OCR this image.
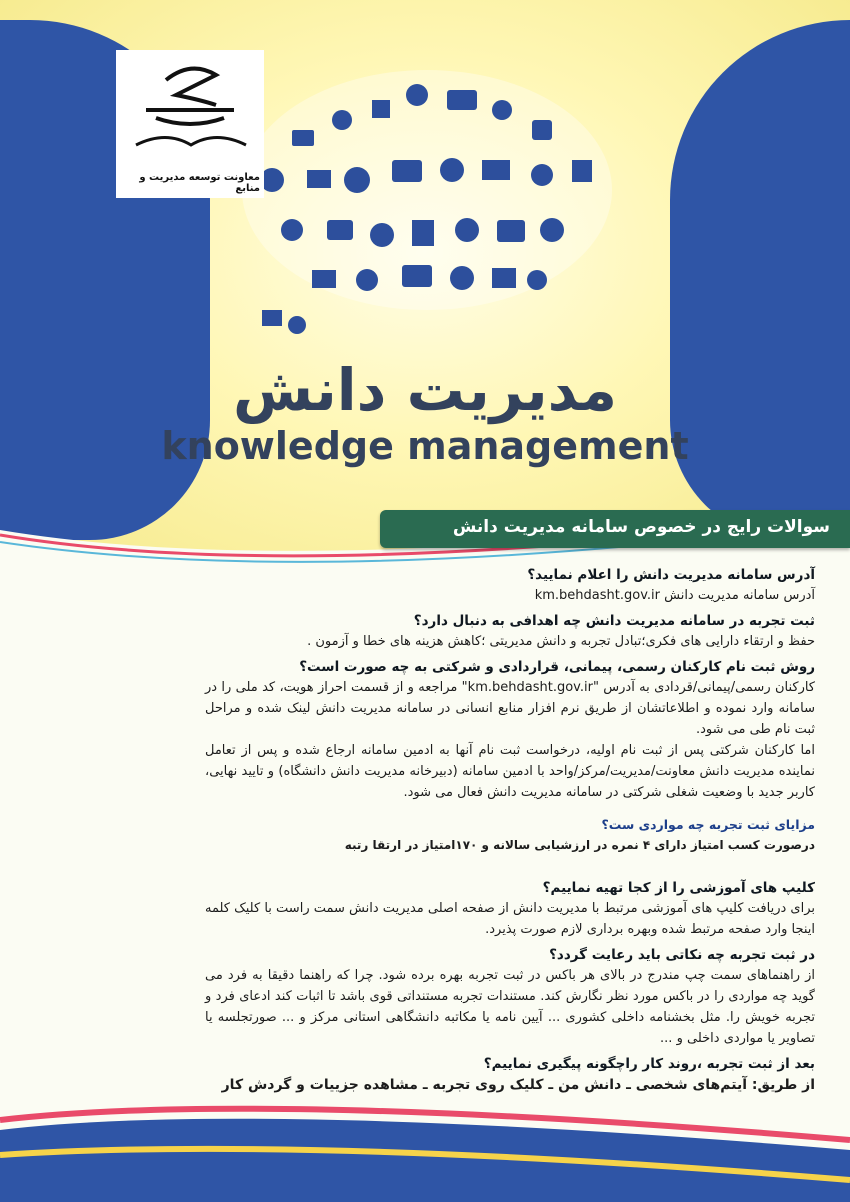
معاونت توسعه مدیریت و منابع
مدیریت دانش
knowledge management
سوالات رایج در خصوص سامانه مدیریت دانش
آدرس سامانه مدیریت دانش را اعلام نمایید؟
آدرس سامانه مدیریت دانش km.behdasht.gov.ir
ثبت تجربه در سامانه مدیریت دانش چه اهدافی به دنبال دارد؟
حفظ و ارتقاء دارایی های فکری؛تبادل تجربه و دانش مدیریتی ؛کاهش هزینه های خطا و آزمون .
روش ثبت نام کارکنان رسمی، پیمانی، قراردادی و شرکتی به چه صورت است؟
کارکنان رسمی/پیمانی/قردادی به آدرس "km.behdasht.gov.ir" مراجعه و از قسمت احراز هویت، کد ملی را در سامانه وارد نموده و اطلاعاتشان از طریق نرم افزار منابع انسانی در سامانه مدیریت دانش لینک شده و مراحل ثبت نام طی می شود.
اما کارکنان شرکتی پس از ثبت نام اولیه، درخواست ثبت نام آنها به ادمین سامانه ارجاع شده و پس از تعامل نماینده مدیریت دانش معاونت/مدیریت/مرکز/واحد با ادمین سامانه (دبیرخانه مدیریت دانش دانشگاه) و تایید نهایی، کاربر جدید با وضعیت شغلی شرکتی در سامانه مدیریت دانش فعال می شود.
مزایای ثبت تجربه چه مواردی ست؟
درصورت کسب امتیاز دارای ۴ نمره در ارزشیابی سالانه و ۱۷۰امتیاز در ارتقا رتبه
کلیپ های آموزشی را از کجا تهیه نماییم؟
برای دریافت کلیپ های آموزشی مرتبط با مدیریت دانش از صفحه اصلی مدیریت دانش سمت راست با کلیک کلمه اینجا وارد صفحه مرتبط شده وبهره برداری لازم صورت پذیرد.
در ثبت تجربه چه نکاتی باید رعایت گردد؟
از راهنماهای سمت چپ مندرج در بالای هر باکس در ثبت تجربه بهره برده شود. چرا که راهنما دقیقا به فرد می گوید چه مواردی را در باکس مورد نظر نگارش کند. مستندات تجربه مستنداتی قوی باشد تا اثبات کند ادعای فرد و تجربه خویش را. مثل بخشنامه داخلی کشوری ... آیین نامه یا مکاتبه دانشگاهی استانی مرکز و ... صورتجلسه یا تصاویر یا مواردی داخلی و ...
بعد از ثبت تجربه ،روند کار راچگونه پیگیری نماییم؟
از طریق: آیتم‌های شخصی ـ دانش من ـ کلیک روی تجربه ـ مشاهده جزییات و گردش کار
